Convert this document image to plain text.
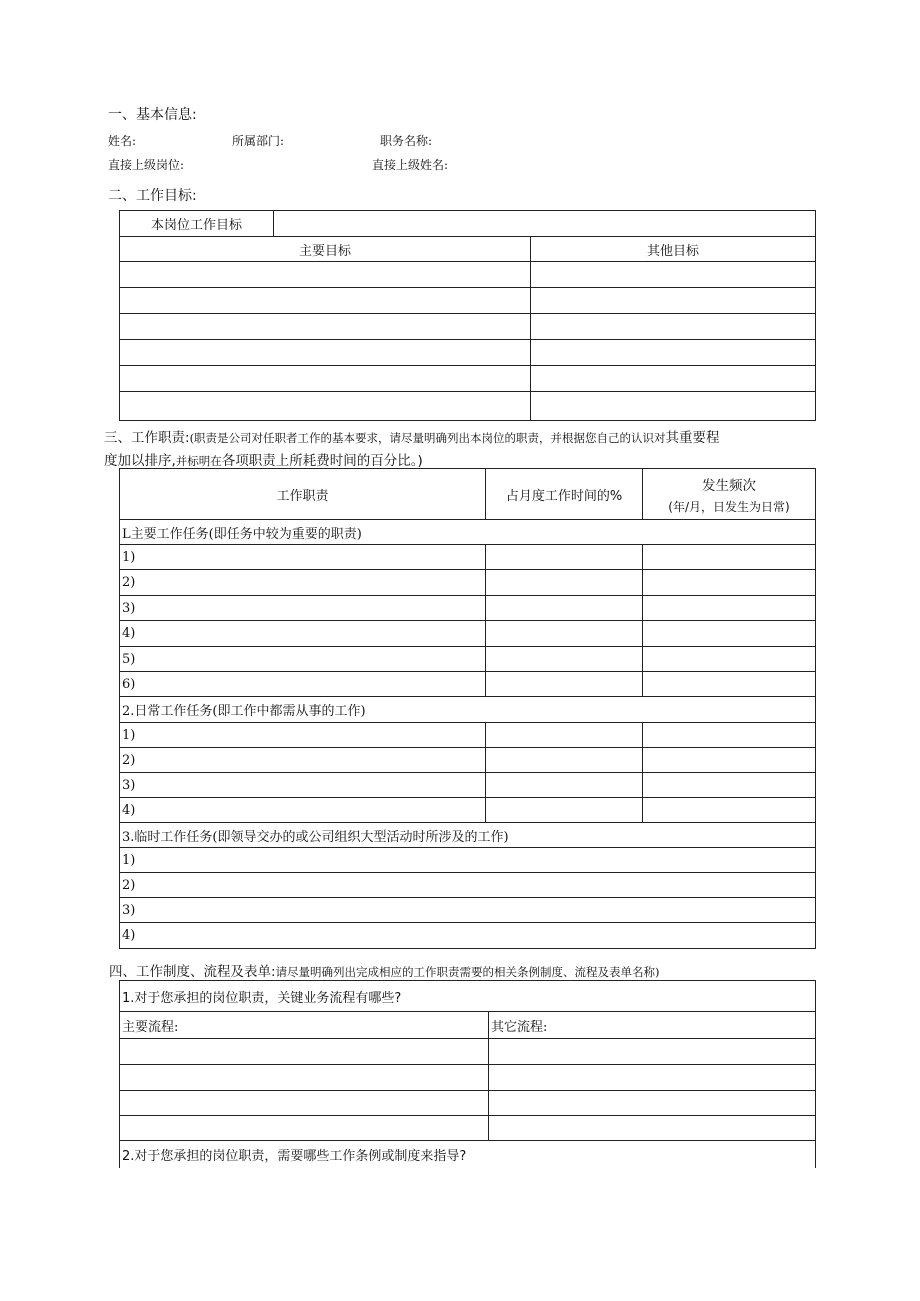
一、基本信息:
姓名:	所属部门:	职务名称:
直接上级岗位:	直接上级姓名:
二、工作目标:
本岗位工作目标		
主要目标		其他目标

三、工作职责:(职责是公司对任职者工作的基本要求，请尽量明确列出本岗位的职责，并根据您自己的认识对其重要程
度加以排序,并标明在各项职责上所耗费时间的百分比。)
工作职责	占月度工作时间的%	发生频次
(年/月，日发生为日常)

L主要工作任务(即任务中较为重要的职责)		
1)		
2)		
3)		
4)		
5)		
6)		
2.日常工作任务(即工作中都需从事的工作)		
1)		
2)		
3)		
4)		
3.临时工作任务(即领导交办的或公司组织大型活动时所涉及的工作)		
1)		
2)		
3)		
4)		
四、工作制度、流程及表单:请尽量明确列出完成相应的工作职责需要的相关条例制度、流程及表单名称)
1.对于您承担的岗位职责，关键业务流程有哪些?	
主要流程:	其它流程:

2.对于您承担的岗位职责，需要哪些工作条例或制度来指导?	
